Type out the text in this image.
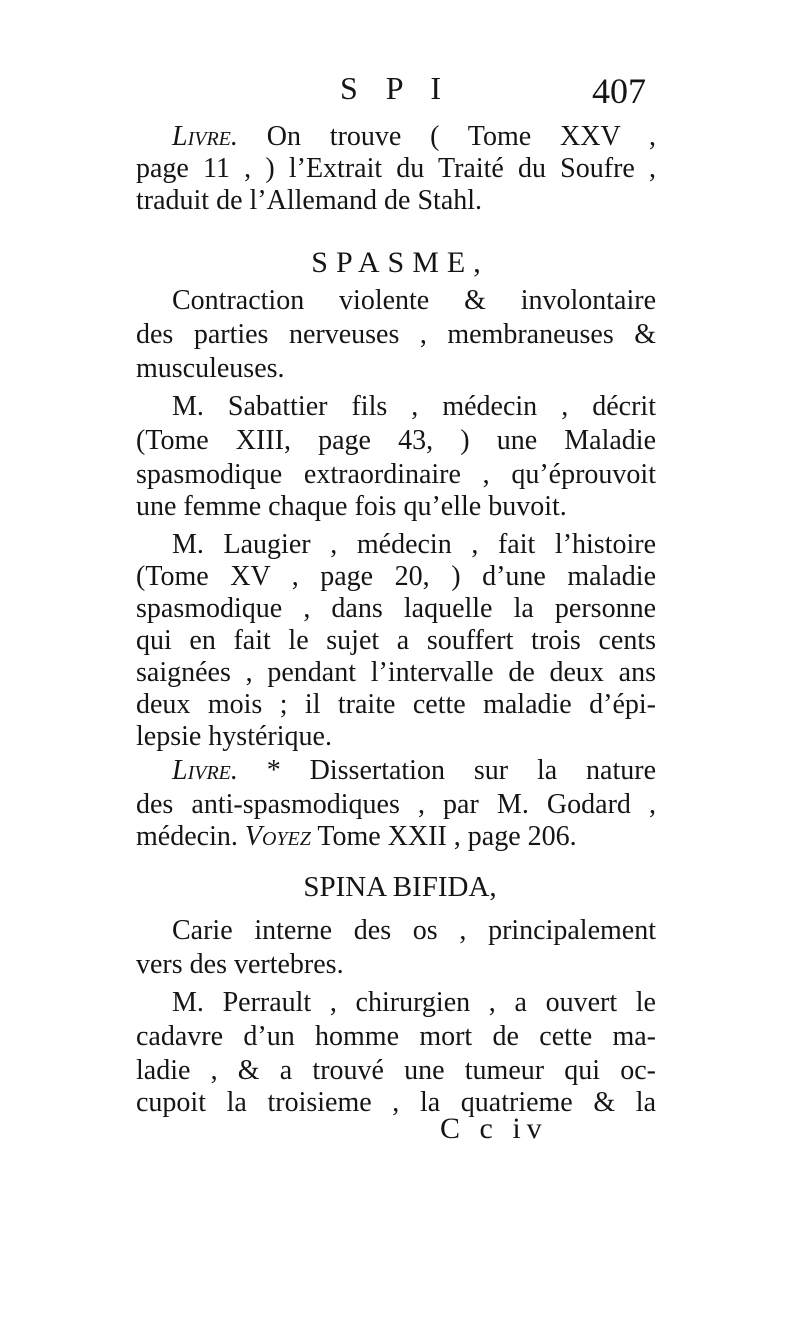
S P I	407
Livre. On trouve ( Tome XXV ,
page 11 , ) l’Extrait du Traité du Soufre ,
traduit de l’Allemand de Stahl.
SPASME,
Contraction violente & involontaire
des parties nerveuses , membraneuses &
musculeuses.
M. Sabattier fils , médecin , décrit
(Tome XIII, page 43, ) une Maladie
spasmodique extraordinaire , qu’éprouvoit
une femme chaque fois qu’elle buvoit.
M. Laugier , médecin , fait l’histoire
(Tome XV , page 20, ) d’une maladie
spasmodique , dans laquelle la personne
qui en fait le sujet a souffert trois cents
saignées , pendant l’intervalle de deux ans
deux mois ; il traite cette maladie d’épi-
lepsie hystérique.
Livre. * Dissertation sur la nature
des anti-spasmodiques , par M. Godard ,
médecin. Voyez Tome XXII , page 206.
SPINA BIFIDA,
Carie interne des os , principalement
vers des vertebres.
M. Perrault , chirurgien , a ouvert le
cadavre d’un homme mort de cette ma-
ladie , & a trouvé une tumeur qui oc-
cupoit la troisieme , la quatrieme & la
C c iv
